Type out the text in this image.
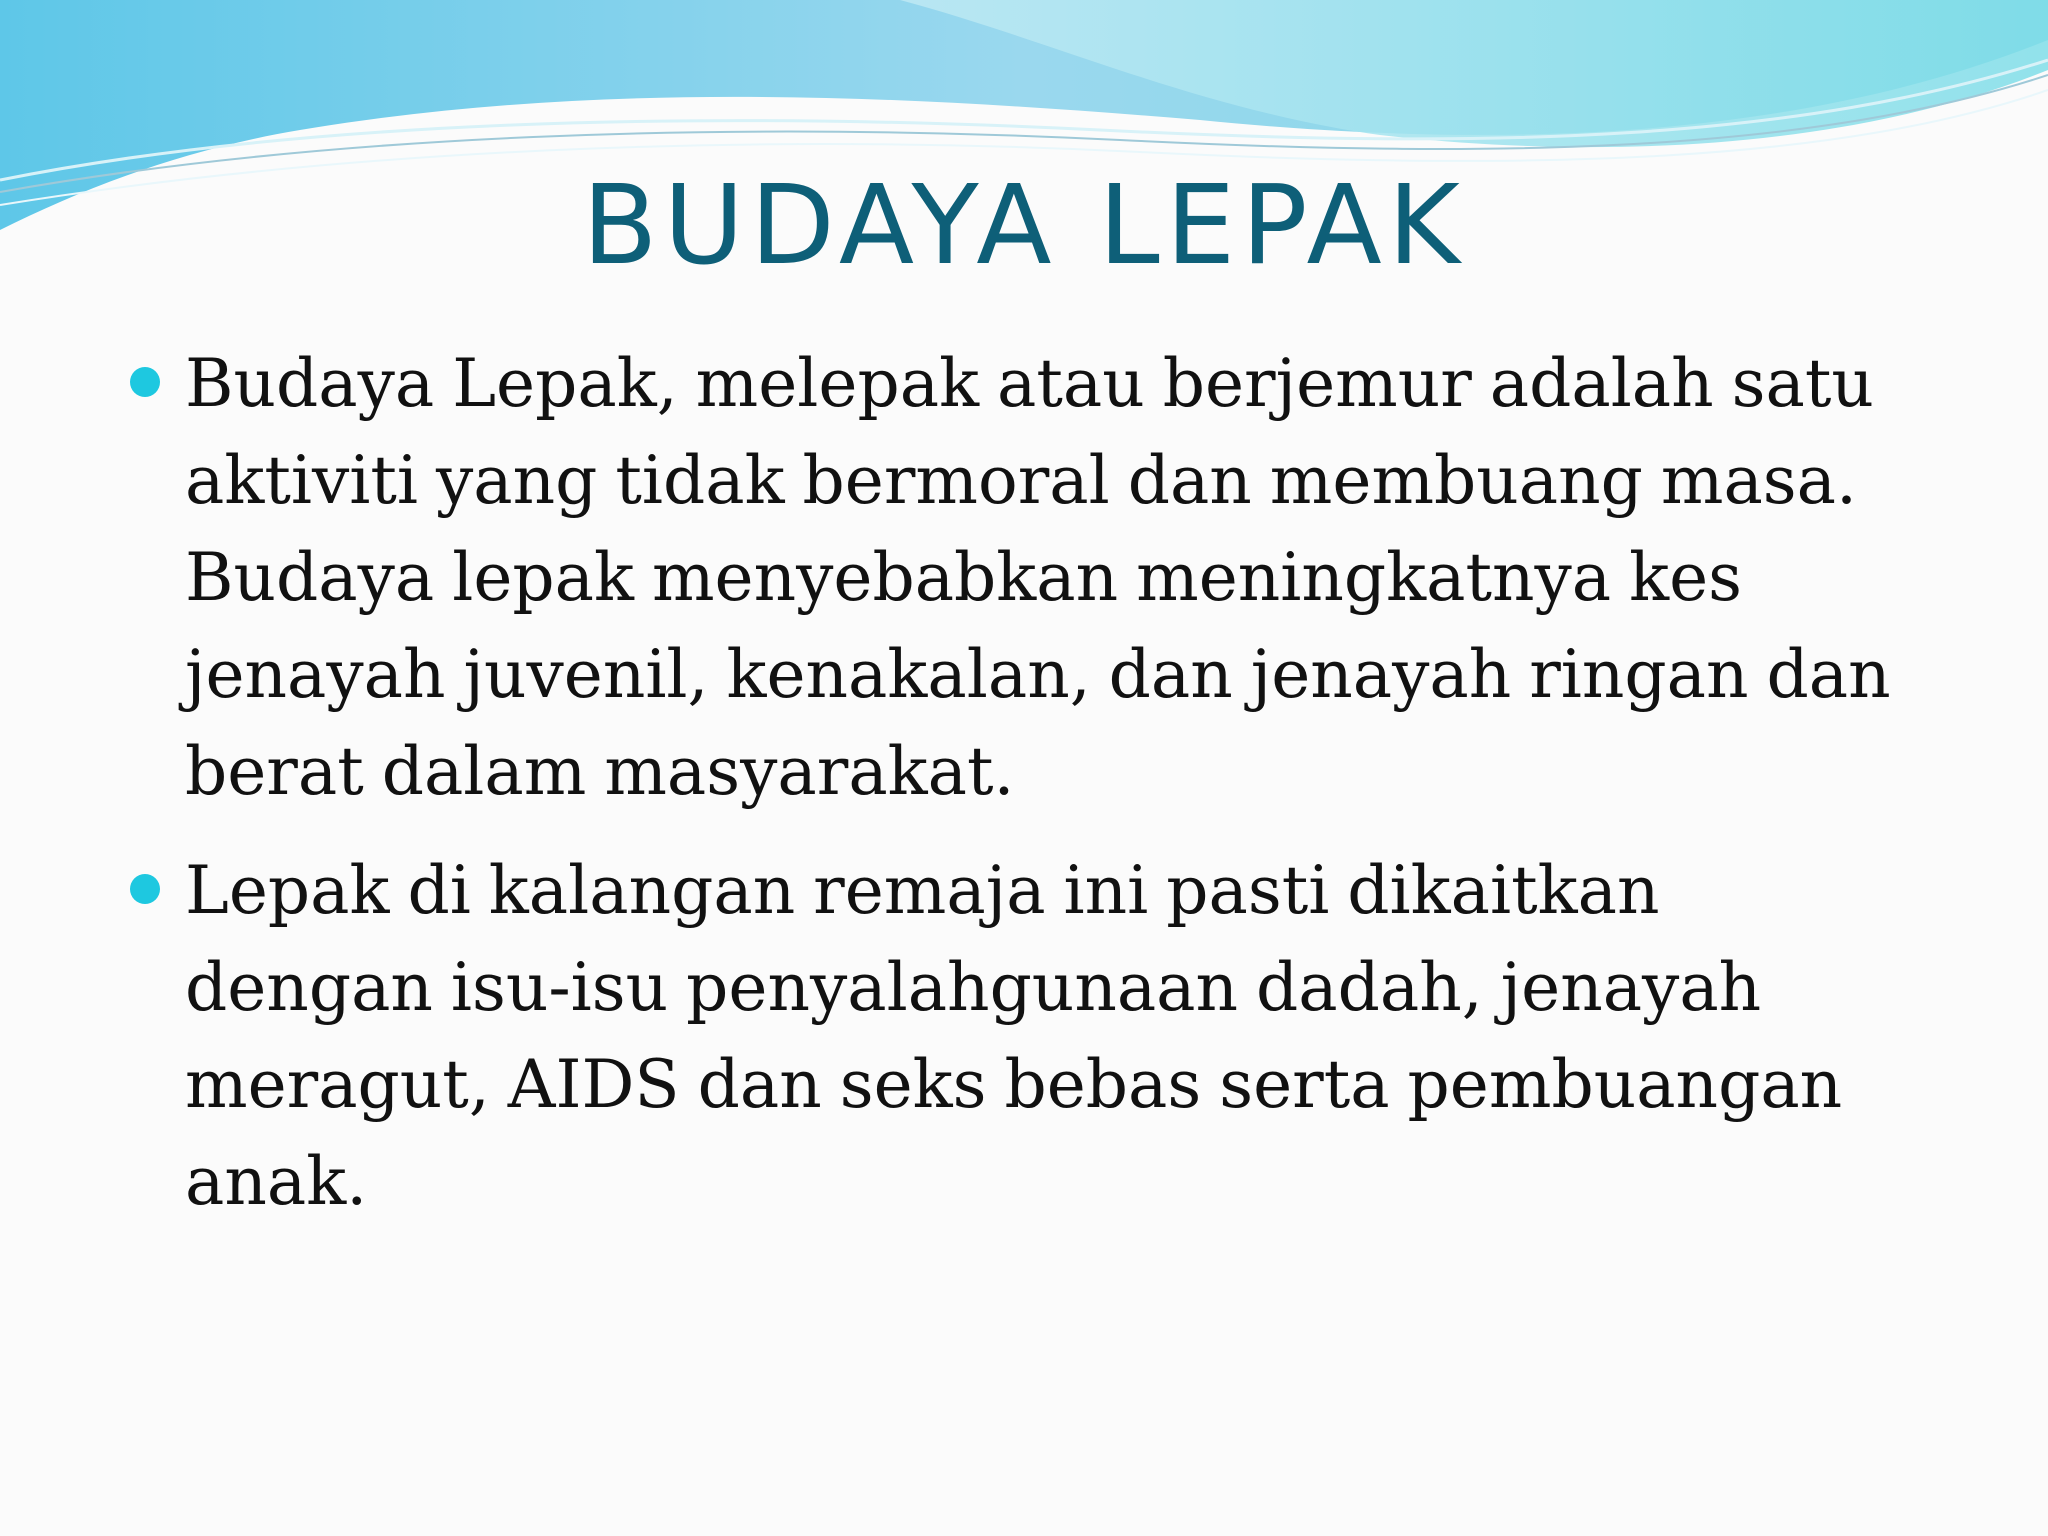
BUDAYA LEPAK
Budaya Lepak, melepak atau berjemur adalah satu aktiviti yang tidak bermoral dan membuang masa. Budaya lepak menyebabkan meningkatnya kes jenayah juvenil, kenakalan, dan jenayah ringan dan berat dalam masyarakat.
Lepak di kalangan remaja ini pasti dikaitkan dengan isu-isu penyalahgunaan dadah, jenayah meragut, AIDS dan seks bebas serta pembuangan anak.
